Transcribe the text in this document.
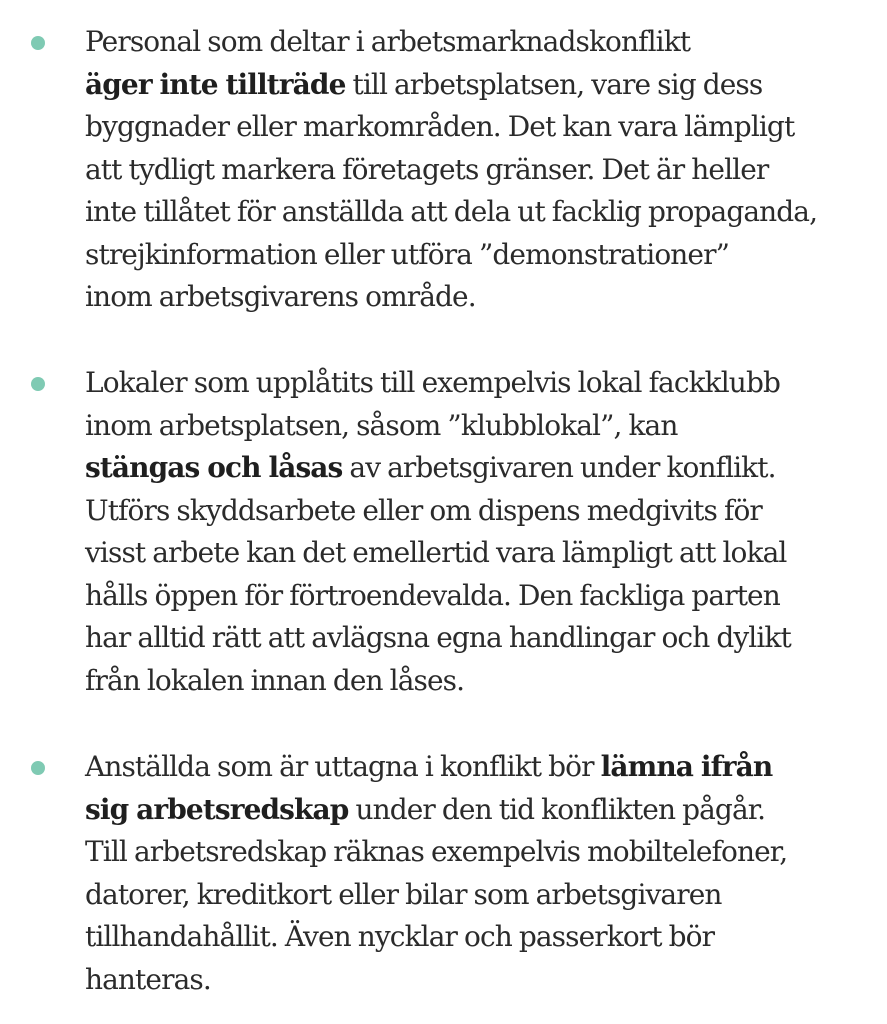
Personal som deltar i arbetsmarknadskonflikt
äger inte tillträde till arbetsplatsen, vare sig dess
byggnader eller markområden. Det kan vara lämpligt
att tydligt markera företagets gränser. Det är heller
inte tillåtet för anställda att dela ut facklig propaganda,
strejkinformation eller utföra ”demonstrationer”
inom arbetsgivarens område.
Lokaler som upplåtits till exempelvis lokal fackklubb
inom arbetsplatsen, såsom ”klubblokal”, kan
stängas och låsas av arbetsgivaren under konflikt.
Utförs skyddsarbete eller om dispens medgivits för
visst arbete kan det emellertid vara lämpligt att lokal
hålls öppen för förtroendevalda. Den fackliga parten
har alltid rätt att avlägsna egna handlingar och dylikt
från lokalen innan den låses.
Anställda som är uttagna i konflikt bör lämna ifrån
sig arbetsredskap under den tid konflikten pågår.
Till arbetsredskap räknas exempelvis mobiltelefoner,
datorer, kreditkort eller bilar som arbetsgivaren
tillhandahållit. Även nycklar och passerkort bör
hanteras.
